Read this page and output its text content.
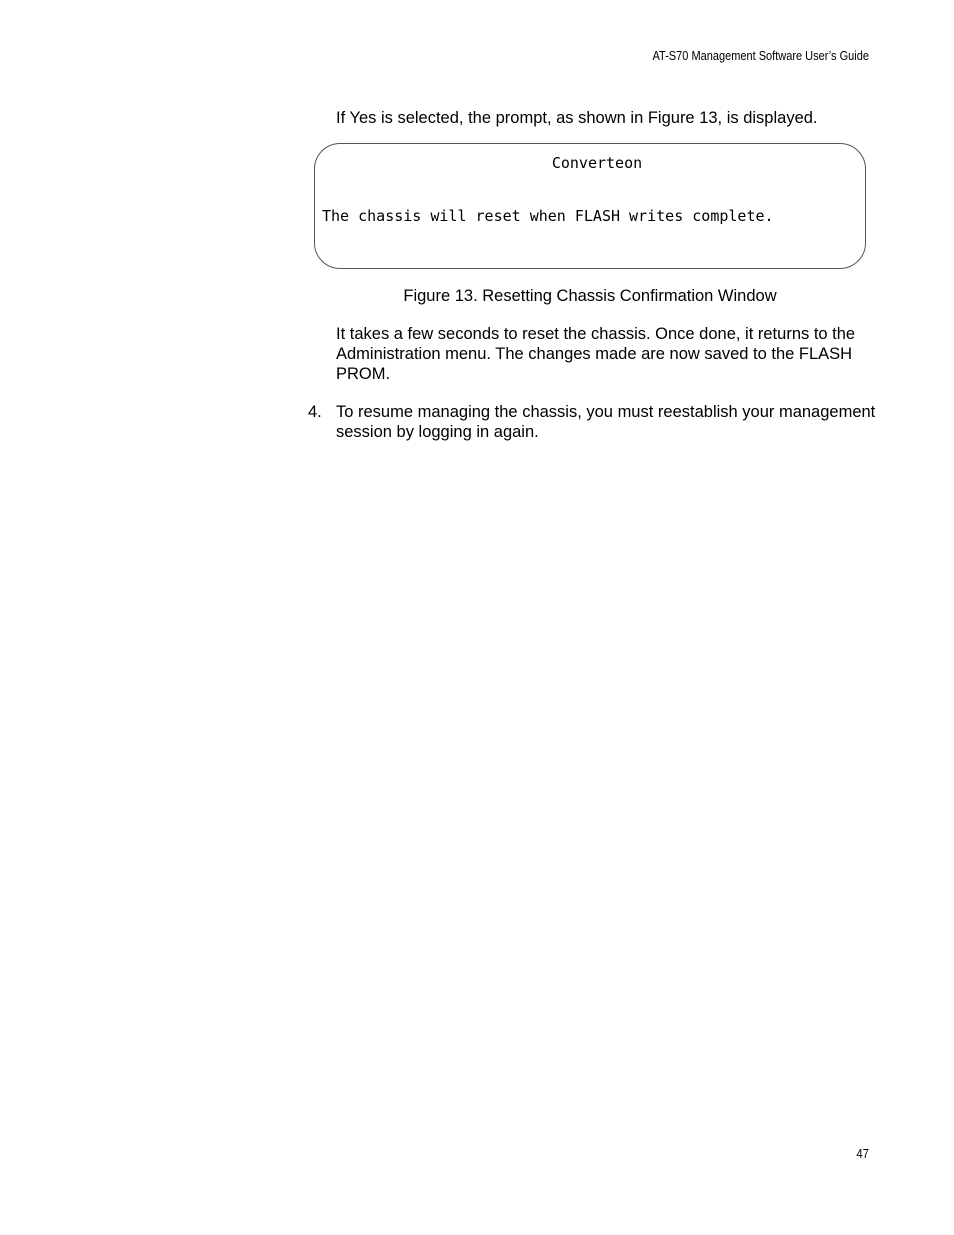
AT-S70 Management Software User’s Guide

If Yes is selected, the prompt, as shown in Figure 13, is displayed.

Converteon
The chassis will reset when FLASH writes complete.
Figure 13. Resetting Chassis Confirmation Window

It takes a few seconds to reset the chassis. Once done, it returns to the Administration menu. The changes made are now saved to the FLASH PROM.

4. To resume managing the chassis, you must reestablish your management session by logging in again.
47
